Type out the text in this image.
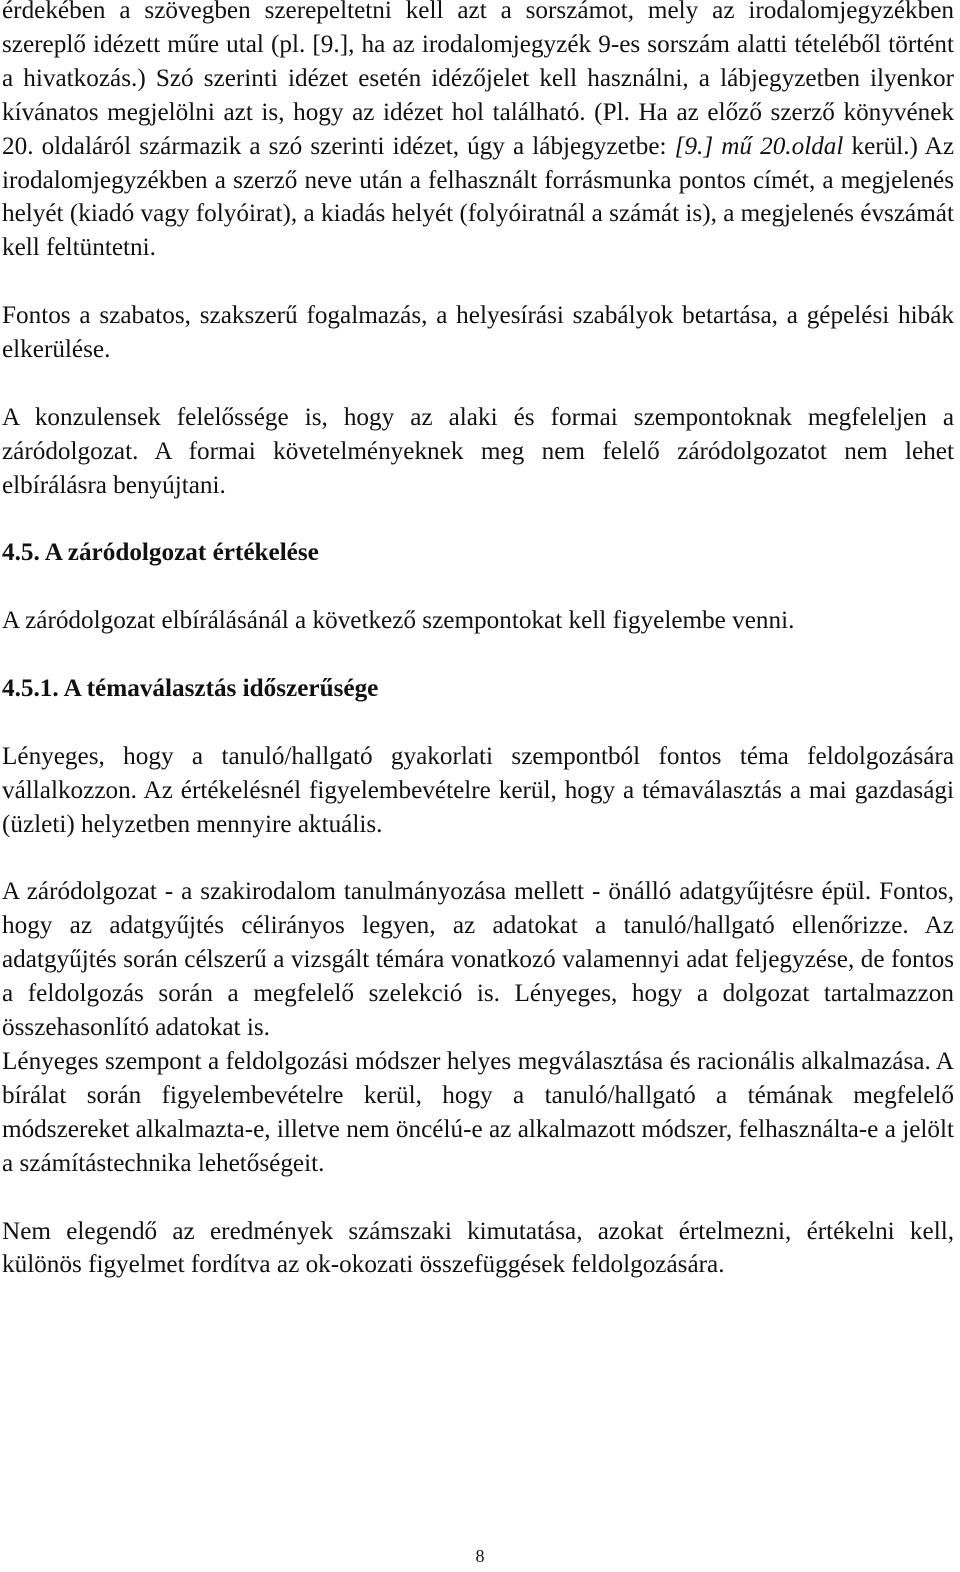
érdekében a szövegben szerepeltetni kell azt a sorszámot, mely az irodalomjegyzékben szereplő idézett műre utal (pl. [9.], ha az irodalomjegyzék 9-es sorszám alatti tételéből történt a hivatkozás.) Szó szerinti idézet esetén idézőjelet kell használni, a lábjegyzetben ilyenkor kívánatos megjelölni azt is, hogy az idézet hol található. (Pl. Ha az előző szerző könyvének 20. oldaláról származik a szó szerinti idézet, úgy a lábjegyzetbe: [9.] mű 20.oldal kerül.) Az irodalomjegyzékben a szerző neve után a felhasznált forrásmunka pontos címét, a megjelenés helyét (kiadó vagy folyóirat), a kiadás helyét (folyóiratnál a számát is), a megjelenés évszámát kell feltüntetni.

Fontos a szabatos, szakszerű fogalmazás, a helyesírási szabályok betartása, a gépelési hibák elkerülése.

A konzulensek felelőssége is, hogy az alaki és formai szempontoknak megfeleljen a záródolgozat. A formai követelményeknek meg nem felelő záródolgozatot nem lehet elbírálásra benyújtani.

4.5. A záródolgozat értékelése

A záródolgozat elbírálásánál a következő szempontokat kell figyelembe venni.

4.5.1. A témaválasztás időszerűsége

Lényeges, hogy a tanuló/hallgató gyakorlati szempontból fontos téma feldolgozására vállalkozzon. Az értékelésnél figyelembevételre kerül, hogy a témaválasztás a mai gazdasági (üzleti) helyzetben mennyire aktuális.

A záródolgozat - a szakirodalom tanulmányozása mellett - önálló adatgyűjtésre épül. Fontos, hogy az adatgyűjtés célirányos legyen, az adatokat a tanuló/hallgató ellenőrizze. Az adatgyűjtés során célszerű a vizsgált témára vonatkozó valamennyi adat feljegyzése, de fontos a feldolgozás során a megfelelő szelekció is. Lényeges, hogy a dolgozat tartalmazzon összehasonlító adatokat is.

Lényeges szempont a feldolgozási módszer helyes megválasztása és racionális alkalmazása. A bírálat során figyelembevételre kerül, hogy a tanuló/hallgató a témának megfelelő módszereket alkalmazta-e, illetve nem öncélú-e az alkalmazott módszer, felhasználta-e a jelölt a számítástechnika lehetőségeit.

Nem elegendő az eredmények számszaki kimutatása, azokat értelmezni, értékelni kell, különös figyelmet fordítva az ok-okozati összefüggések feldolgozására.

8
